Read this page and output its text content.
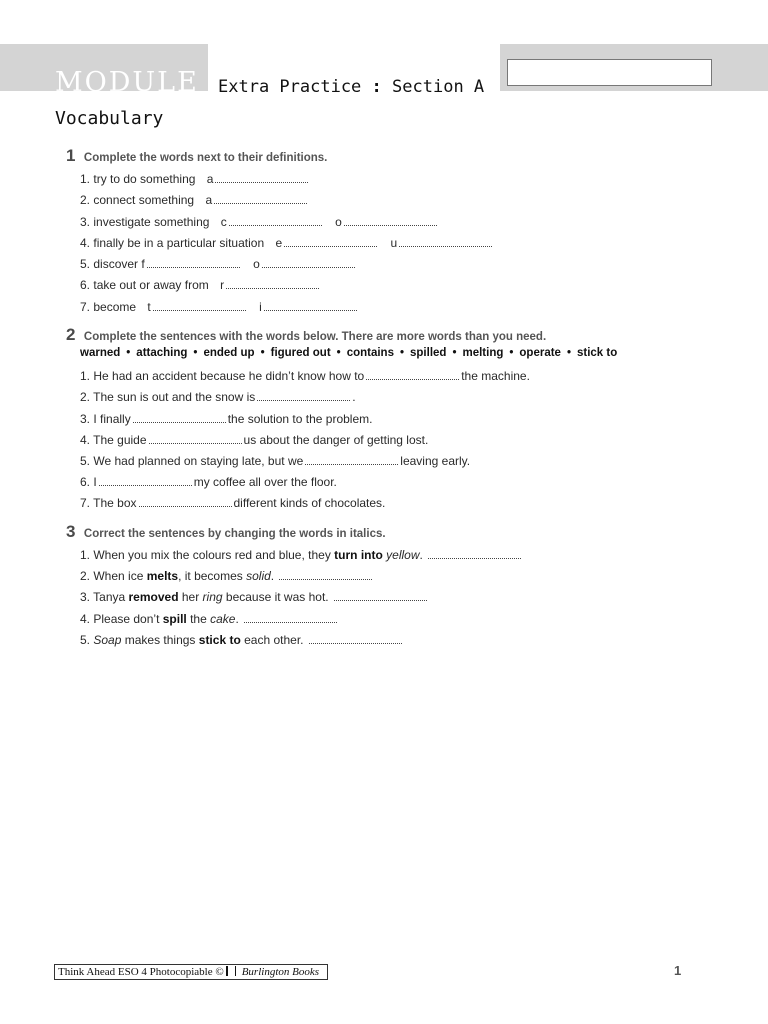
MODULE 2
Extra Practice : Section A
Vocabulary
1 Complete the words next to their definitions.
1. try to do something a
2. connect something a
3. investigate something c	o
4. finally be in a particular situation e	u
5. discover f	o
6. take out or away from r
7. become t	i
2 Complete the sentences with the words below. There are more words than you need.
warned • attaching • ended up • figured out • contains • spilled • melting • operate • stick to
1. He had an accident because he didn’t know how to	the machine.
2. The sun is out and the snow is	.
3. I finally	the solution to the problem.
4. The guide	us about the danger of getting lost.
5. We had planned on staying late, but we	leaving early.
6. I	my coffee all over the floor.
7. The box	different kinds of chocolates.
3 Correct the sentences by changing the words in italics.
1. When you mix the colours red and blue, they turn into yellow.
2. When ice melts, it becomes solid.
3. Tanya removed her ring because it was hot.
4. Please don’t spill the cake.
5. Soap makes things stick to each other.
Think Ahead ESO 4 Photocopiable © Burlington Books	1
